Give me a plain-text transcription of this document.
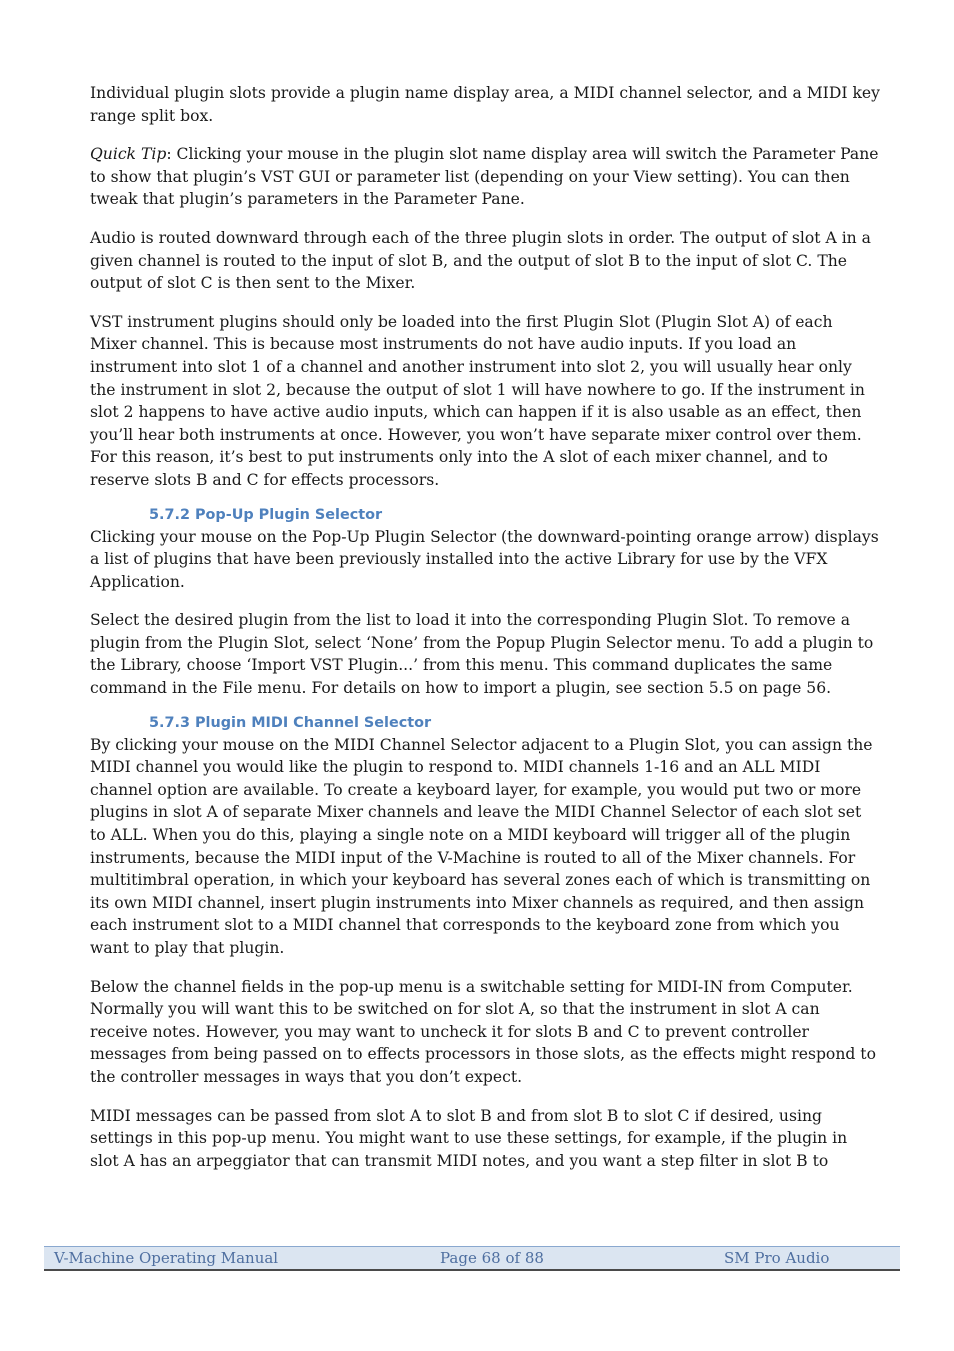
Individual plugin slots provide a plugin name display area, a MIDI channel selector, and a MIDI key range split box.

Quick Tip: Clicking your mouse in the plugin slot name display area will switch the Parameter Pane to show that plugin’s VST GUI or parameter list (depending on your View setting). You can then tweak that plugin’s parameters in the Parameter Pane.

Audio is routed downward through each of the three plugin slots in order. The output of slot A in a given channel is routed to the input of slot B, and the output of slot B to the input of slot C. The output of slot C is then sent to the Mixer.

VST instrument plugins should only be loaded into the first Plugin Slot (Plugin Slot A) of each Mixer channel. This is because most instruments do not have audio inputs. If you load an instrument into slot 1 of a channel and another instrument into slot 2, you will usually hear only the instrument in slot 2, because the output of slot 1 will have nowhere to go. If the instrument in slot 2 happens to have active audio inputs, which can happen if it is also usable as an effect, then you’ll hear both instruments at once. However, you won’t have separate mixer control over them. For this reason, it’s best to put instruments only into the A slot of each mixer channel, and to reserve slots B and C for effects processors.

5.7.2 Pop-Up Plugin Selector

Clicking your mouse on the Pop-Up Plugin Selector (the downward-pointing orange arrow) displays a list of plugins that have been previously installed into the active Library for use by the VFX Application.

Select the desired plugin from the list to load it into the corresponding Plugin Slot. To remove a plugin from the Plugin Slot, select ‘None’ from the Popup Plugin Selector menu. To add a plugin to the Library, choose ‘Import VST Plugin...’ from this menu. This command duplicates the same command in the File menu. For details on how to import a plugin, see section 5.5 on page 56.

5.7.3 Plugin MIDI Channel Selector

By clicking your mouse on the MIDI Channel Selector adjacent to a Plugin Slot, you can assign the MIDI channel you would like the plugin to respond to. MIDI channels 1-16 and an ALL MIDI channel option are available. To create a keyboard layer, for example, you would put two or more plugins in slot A of separate Mixer channels and leave the MIDI Channel Selector of each slot set to ALL. When you do this, playing a single note on a MIDI keyboard will trigger all of the plugin instruments, because the MIDI input of the V-Machine is routed to all of the Mixer channels. For multitimbral operation, in which your keyboard has several zones each of which is transmitting on its own MIDI channel, insert plugin instruments into Mixer channels as required, and then assign each instrument slot to a MIDI channel that corresponds to the keyboard zone from which you want to play that plugin.

Below the channel fields in the pop-up menu is a switchable setting for MIDI-IN from Computer. Normally you will want this to be switched on for slot A, so that the instrument in slot A can receive notes. However, you may want to uncheck it for slots B and C to prevent controller messages from being passed on to effects processors in those slots, as the effects might respond to the controller messages in ways that you don’t expect.

MIDI messages can be passed from slot A to slot B and from slot B to slot C if desired, using settings in this pop-up menu. You might want to use these settings, for example, if the plugin in slot A has an arpeggiator that can transmit MIDI notes, and you want a step filter in slot B to

V-Machine Operating Manual	Page 68 of 88	SM Pro Audio
